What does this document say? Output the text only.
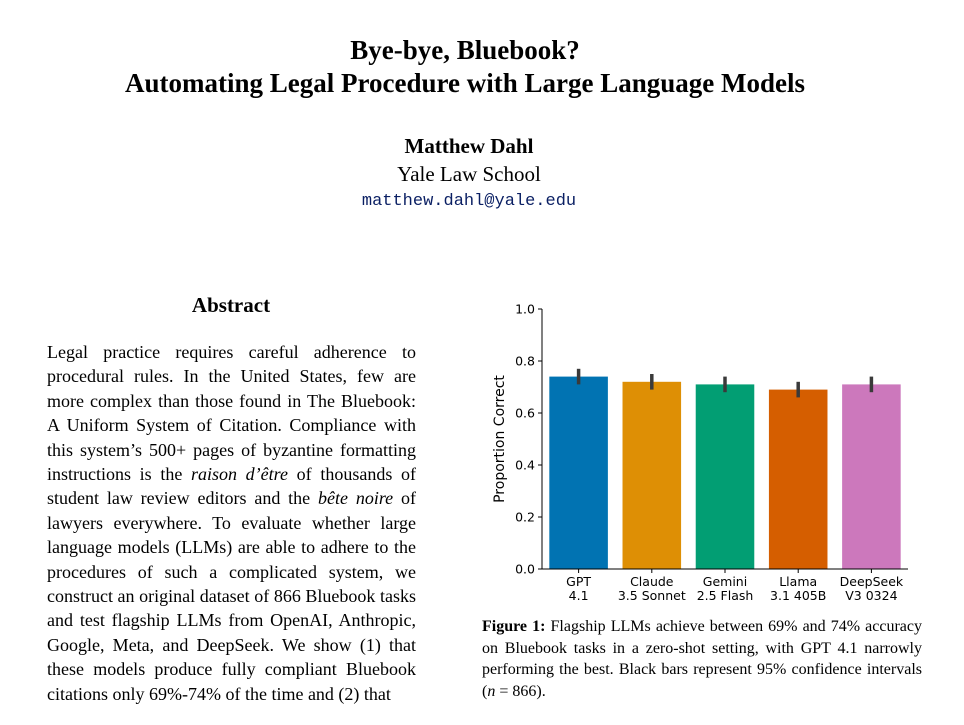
Bye-bye, Bluebook?
Automating Legal Procedure with Large Language Models
Matthew Dahl
Yale Law School
matthew.dahl@yale.edu
Abstract
Legal practice requires careful adherence to procedural rules. In the United States, few are more complex than those found in The Bluebook: A Uniform System of Citation. Compliance with this system’s 500+ pages of byzantine formatting instructions is the raison d’être of thousands of student law review editors and the bête noire of lawyers everywhere. To evaluate whether large language models (LLMs) are able to adhere to the procedures of such a complicated system, we construct an original dataset of 866 Bluebook tasks and test flagship LLMs from OpenAI, Anthropic, Google, Meta, and DeepSeek. We show (1) that these models produce fully compliant Bluebook citations only 69%-74% of the time and (2) that
GPT 4.1
Claude 3.5 Sonnet
Gemini 2.5 Flash
Llama 3.1 405B
DeepSeek V3 0324
0.0
0.2
0.4
0.6
0.8
1.0
Proportion Correct
Figure 1: Flagship LLMs achieve between 69% and 74% accuracy on Bluebook tasks in a zero-shot setting, with GPT 4.1 narrowly performing the best. Black bars represent 95% confidence intervals (n = 866).
